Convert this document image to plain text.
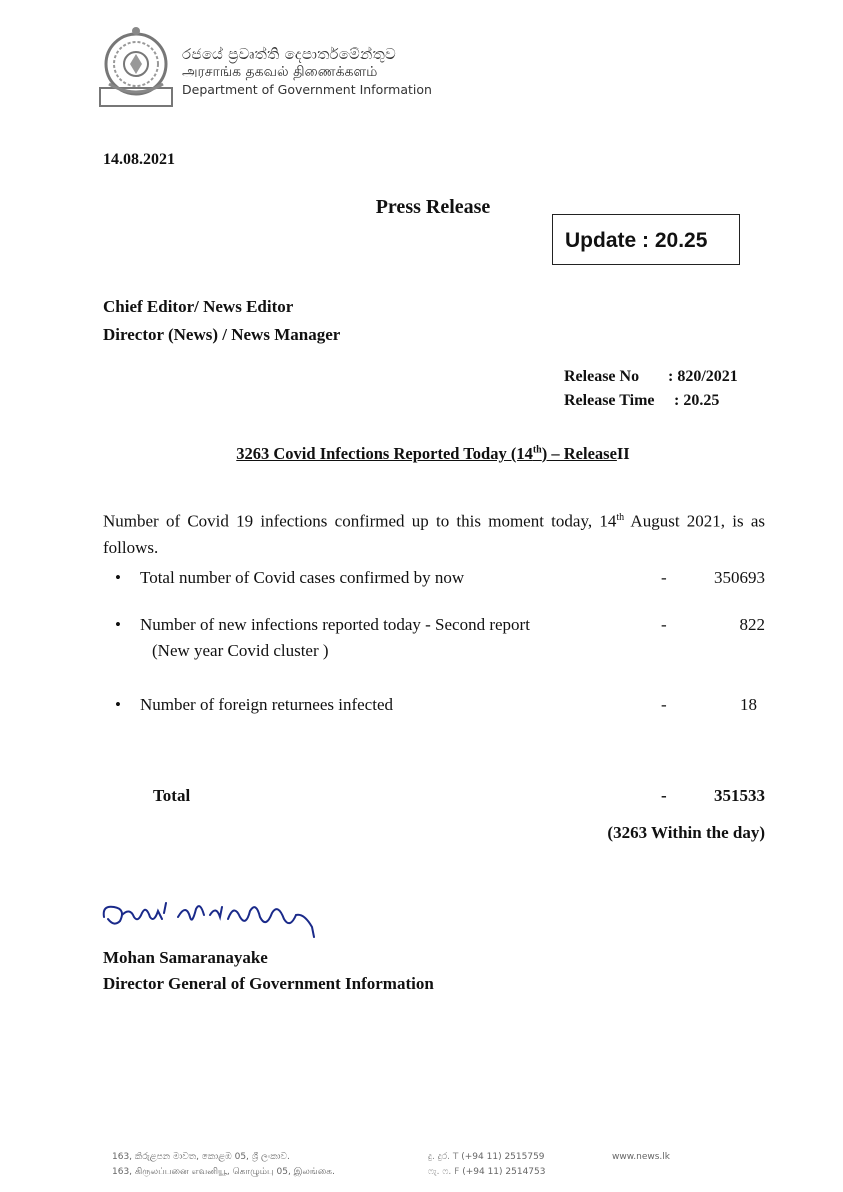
රජයේ ප්‍රවෘත්ති දෙපාර්තමේන්තුව
அரசாங்க தகவல் திணைக்களம்
Department of Government Information
14.08.2021
Press Release
Update : 20.25
Chief Editor/ News Editor
Director (News) / News Manager
Release No : 820/2021
Release Time : 20.25
3263 Covid Infections Reported Today (14th) – ReleaseII
Number of Covid 19 infections confirmed up to this moment today, 14th August 2021, is as follows.
• Total number of Covid cases confirmed by now	-	350693
• Number of new infections reported today - Second report	-	822
(New year Covid cluster )
• Number of foreign returnees infected	-	18
Total	-	351533
(3263 Within the day)
Mohan Samaranayake
Director General of Government Information
163, කිරුළපන මාවත, කොළඹ 05, ශ්‍රී ලංකාව.
163, கிருலப்பனை எவனியூ, கொழும்பு 05, இலங்கை.
දු. දුර. T (+94 11) 2515759
ෆැ. ෆ. F (+94 11) 2514753
www.news.lk
